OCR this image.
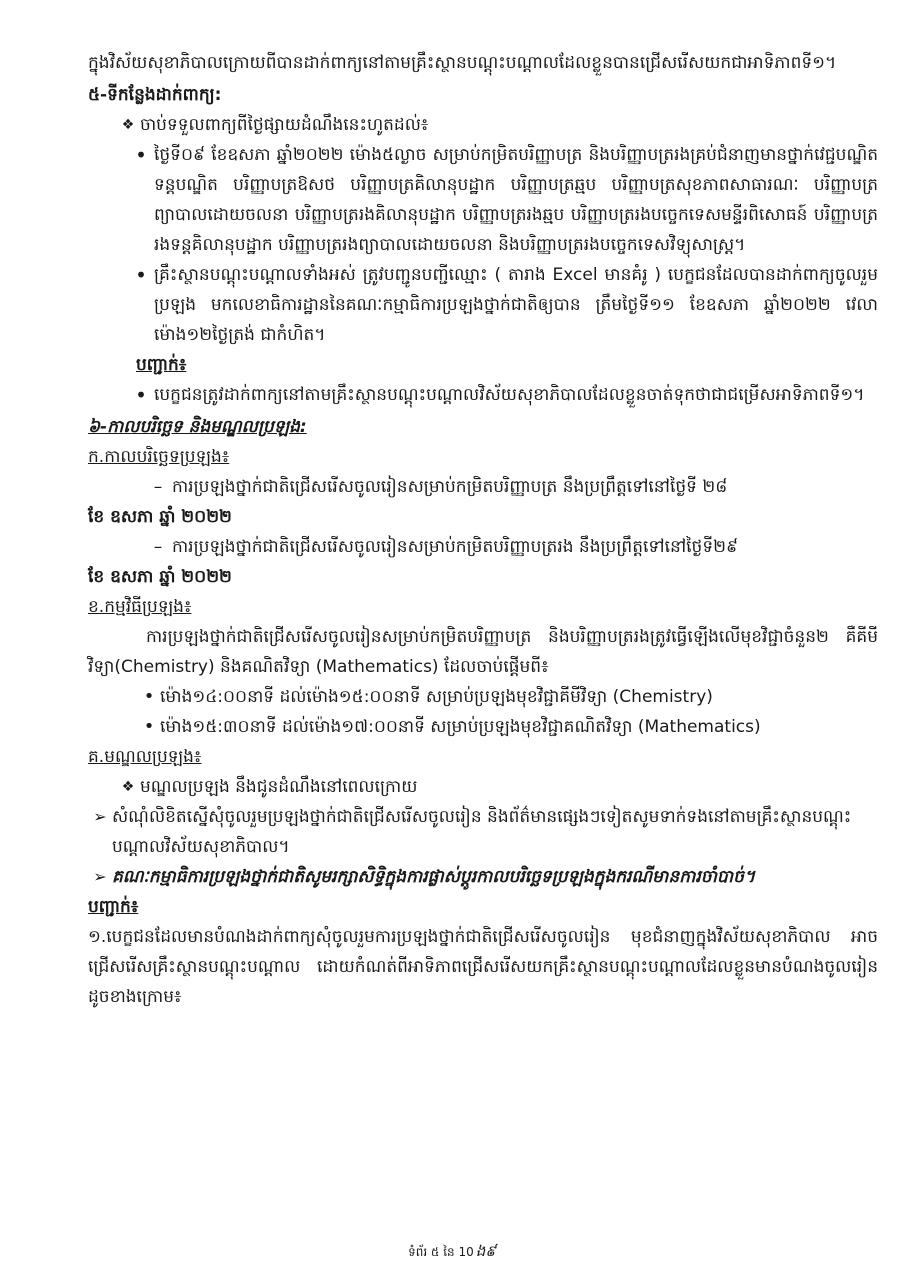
ក្នុងវិស័យសុខាភិបាលក្រោយពីបានដាក់ពាក្យនៅតាមគ្រឹះស្ថានបណ្ដុះបណ្ដាលដែលខ្លួនបានជ្រើសរើសយកជាអាទិភាពទី១។

៥-ទីកន្លែងដាក់ពាក្យ:

❖ ចាប់ទទួលពាក្យពីថ្ងៃផ្សាយដំណឹងនេះហូតដល់៖
• ថ្ងៃទី០៩ ខែឧសភា ឆ្នាំ២០២២ ម៉ោង៥ល្ងាច សម្រាប់កម្រិតបរិញ្ញាបត្រ និងបរិញ្ញាបត្ររងគ្រប់ជំនាញមានថ្នាក់វេជ្ជបណ្ឌិត ទន្តបណ្ឌិត បរិញ្ញាបត្រឱសថ បរិញ្ញាបត្រគិលានុបដ្ឋាក បរិញ្ញាបត្រឆ្មប បរិញ្ញាបត្រសុខភាពសាធារណៈ បរិញ្ញាបត្រព្យាបាលដោយចលនា បរិញ្ញាបត្ររងគិលានុបដ្ឋាក បរិញ្ញាបត្ររងឆ្មប បរិញ្ញាបត្ររងបច្ចេកទេសមន្ទីរពិសោធន៍ បរិញ្ញាបត្ររងទន្តគិលានុបដ្ឋាក បរិញ្ញាបត្ររងព្យាបាលដោយចលនា និងបរិញ្ញាបត្ររងបច្ចេកទេសវិទ្យុសាស្ត្រ។
• គ្រឹះស្ថានបណ្ដុះបណ្ដាលទាំងអស់ ត្រូវបញ្ជូនបញ្ជីឈ្មោះ ( តារាង Excel មានគំរូ ) បេក្ខជនដែលបានដាក់ពាក្យចូលរួមប្រឡង មកលេខាធិការដ្ឋាននៃគណៈកម្មាធិការប្រឡងថ្នាក់ជាតិឲ្យបាន ត្រឹមថ្ងៃទី១១ ខែឧសភា ឆ្នាំ២០២២ វេលាម៉ោង១២ថ្ងៃត្រង់ ជាកំហិត។

បញ្ជាក់៖

• បេក្ខជនត្រូវដាក់ពាក្យនៅតាមគ្រឹះស្ថានបណ្ដុះបណ្ដាលវិស័យសុខាភិបាលដែលខ្លួនចាត់ទុកថាជាជម្រើសអាទិភាពទី១។

៦-កាលបរិច្ឆេទ និងមណ្ឌលប្រឡង:

ក.កាលបរិច្ឆេទប្រឡង៖

– ការប្រឡងថ្នាក់ជាតិជ្រើសរើសចូលរៀនសម្រាប់កម្រិតបរិញ្ញាបត្រ នឹងប្រព្រឹត្តទៅនៅថ្ងៃទី ២៨

ខែ ឧសភា ឆ្នាំ ២០២២

– ការប្រឡងថ្នាក់ជាតិជ្រើសរើសចូលរៀនសម្រាប់កម្រិតបរិញ្ញាបត្ររង នឹងប្រព្រឹត្តទៅនៅថ្ងៃទី២៩

ខែ ឧសភា ឆ្នាំ ២០២២

ខ.កម្មវិធីប្រឡង៖

ការប្រឡងថ្នាក់ជាតិជ្រើសរើសចូលរៀនសម្រាប់កម្រិតបរិញ្ញាបត្រ និងបរិញ្ញាបត្ររងត្រូវធ្វើឡើងលើមុខវិជ្ជាចំនួន២ គឺគីមីវិទ្យា(Chemistry) និងគណិតវិទ្យា (Mathematics) ដែលចាប់ផ្ដើមពី៖

• ម៉ោង១៤:០០នាទី ដល់ម៉ោង១៥:០០នាទី សម្រាប់ប្រឡងមុខវិជ្ជាគីមីវិទ្យា (Chemistry)
• ម៉ោង១៥:៣០នាទី ដល់ម៉ោង១៧:០០នាទី សម្រាប់ប្រឡងមុខវិជ្ជាគណិតវិទ្យា (Mathematics)

គ.មណ្ឌលប្រឡង៖

❖ មណ្ឌលប្រឡង នឹងជូនដំណឹងនៅពេលក្រោយ
➢ សំណុំលិខិតស្នើសុំចូលរួមប្រឡងថ្នាក់ជាតិជ្រើសរើសចូលរៀន និងព័ត៌មានផ្សេងៗទៀតសូមទាក់ទងនៅតាមគ្រឹះស្ថានបណ្ដុះបណ្ដាលវិស័យសុខាភិបាល។
➢ គណៈកម្មាធិការប្រឡងថ្នាក់ជាតិសូមរក្សាសិទ្ធិក្នុងការផ្លាស់ប្ដូរកាលបរិច្ឆេទប្រឡងក្នុងករណីមានការចាំបាច់។

បញ្ជាក់៖

១.បេក្ខជនដែលមានបំណងដាក់ពាក្យសុំចូលរួមការប្រឡងថ្នាក់ជាតិជ្រើសរើសចូលរៀន មុខជំនាញក្នុងវិស័យសុខាភិបាល អាចជ្រើសរើសគ្រឹះស្ថានបណ្ដុះបណ្ដាល ដោយកំណត់ពីអាទិភាពជ្រើសរើសយកគ្រឹះស្ថានបណ្ដុះបណ្ដាលដែលខ្លួនមានបំណងចូលរៀន ដូចខាងក្រោម៖

ទំព័រ ៥ នៃ 10 ង៩
